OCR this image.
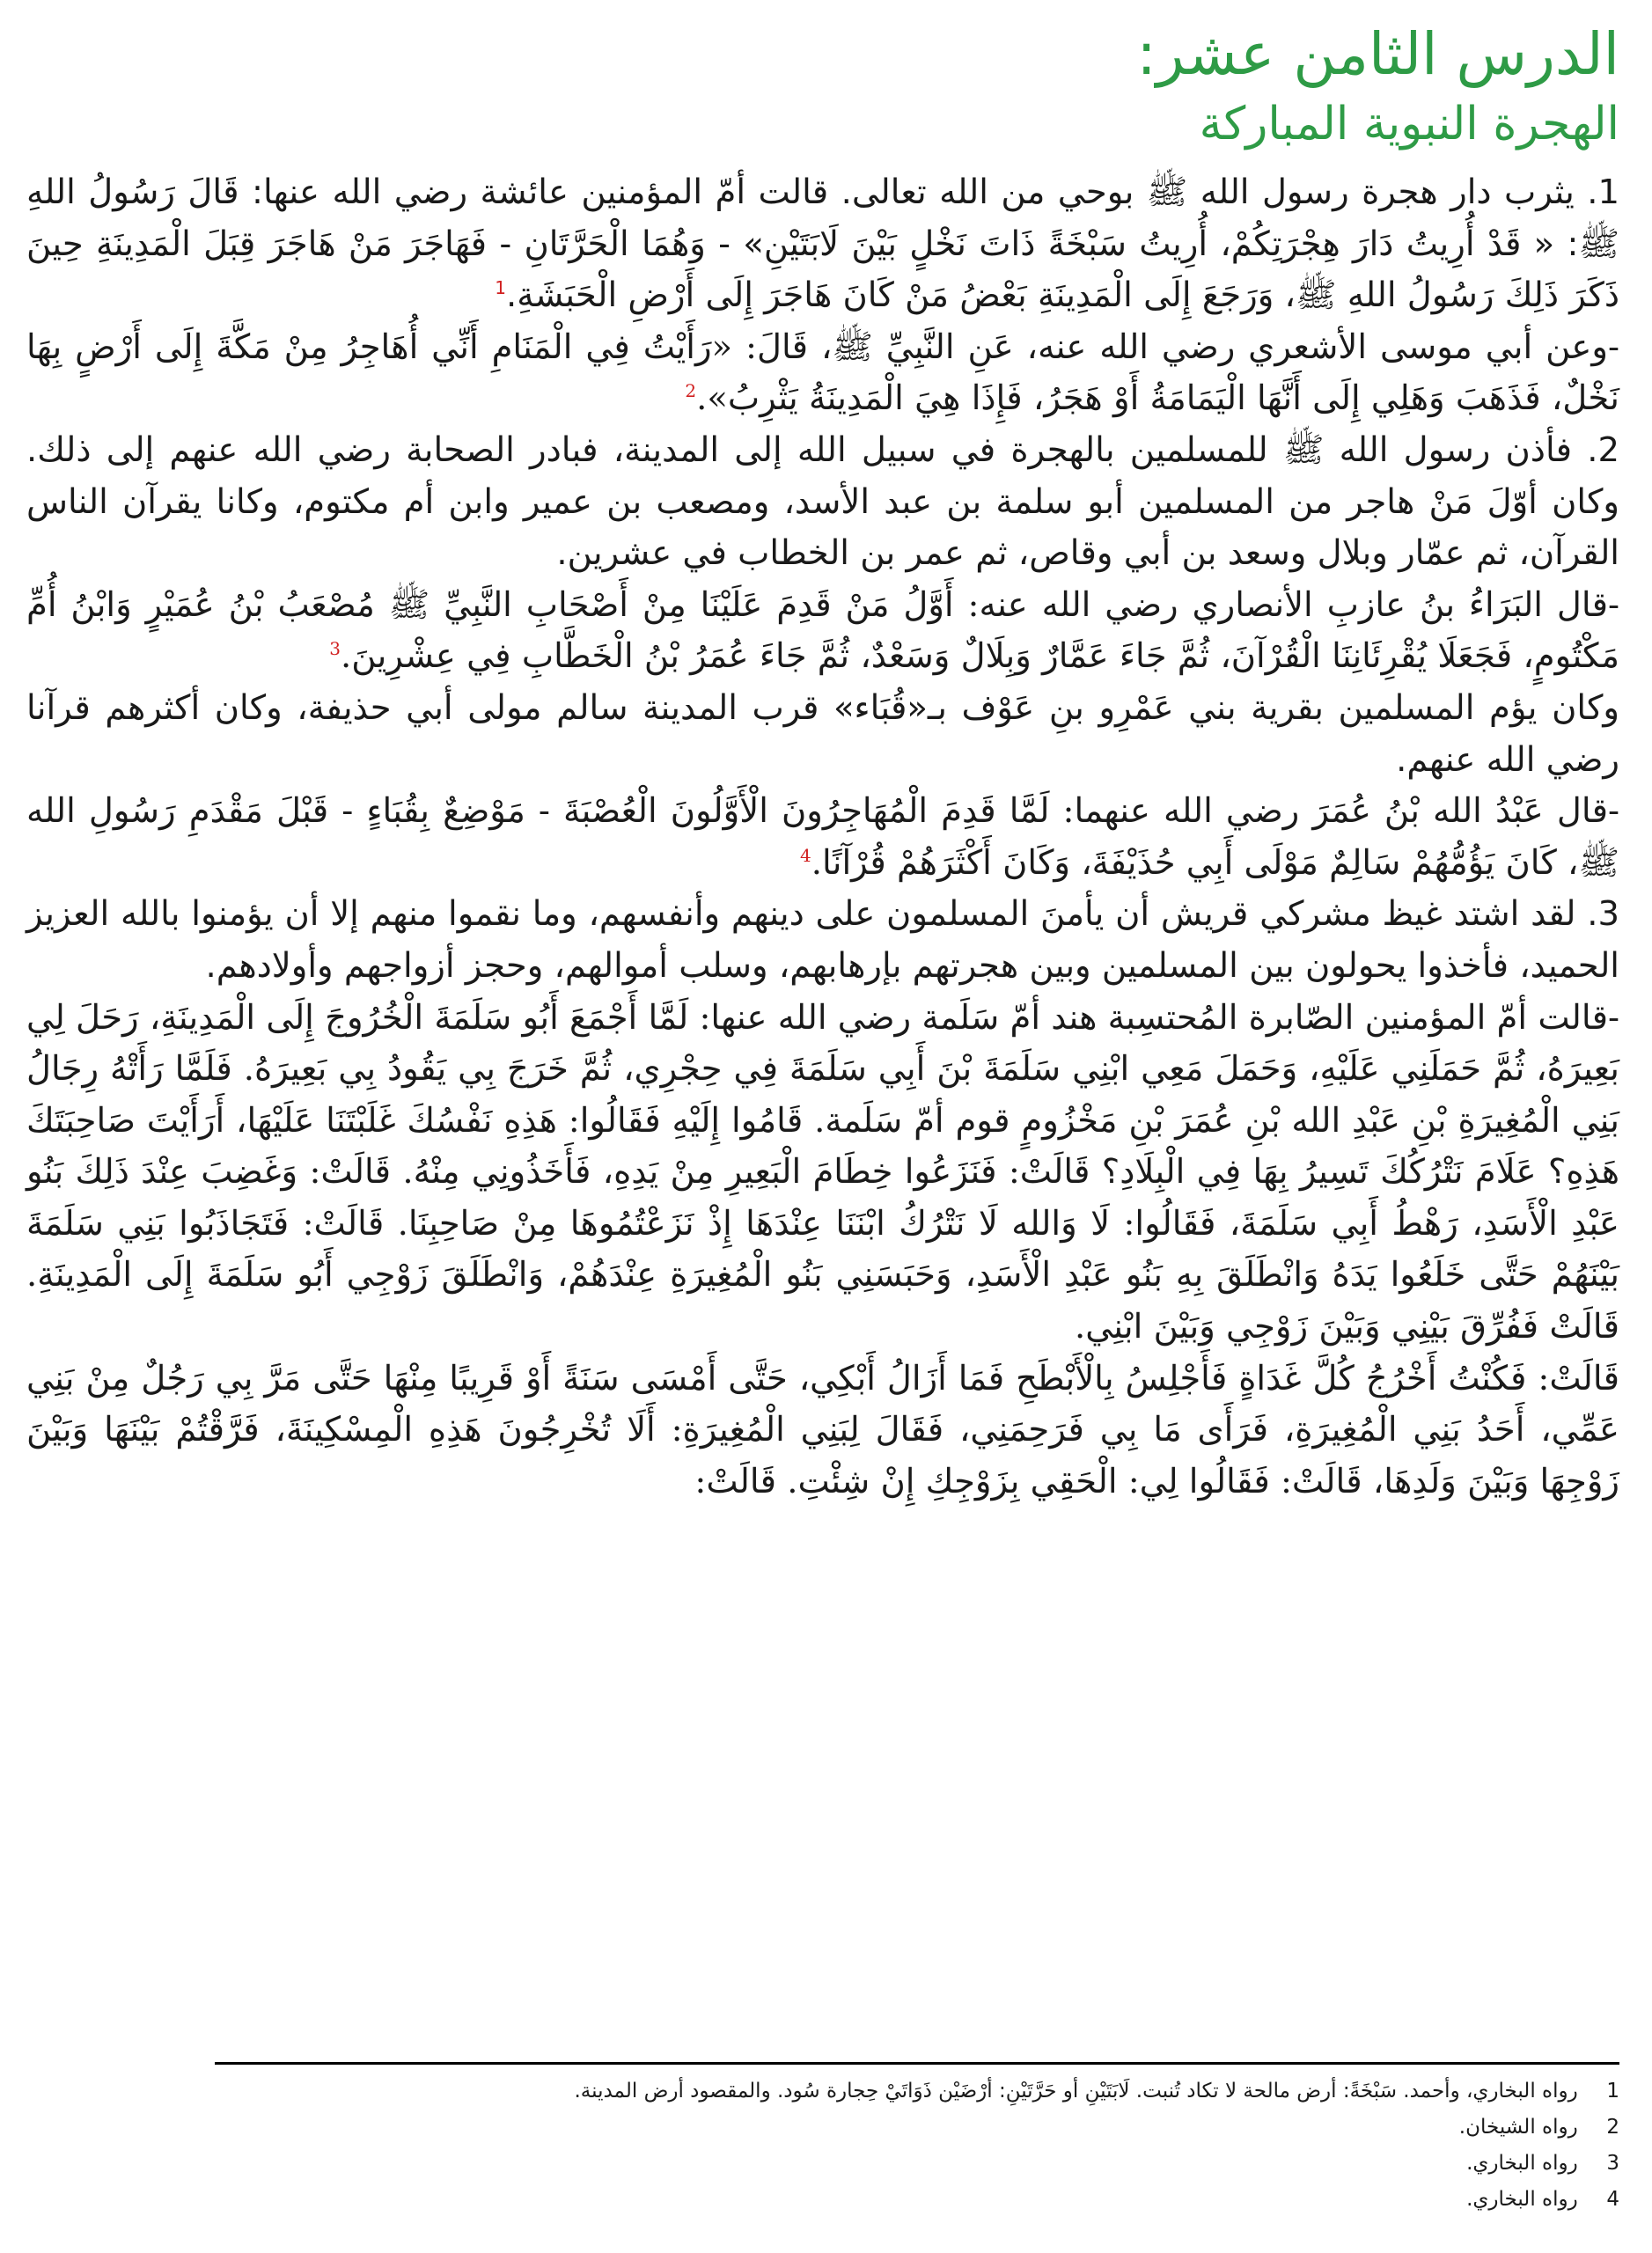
الدرس الثامن عشر:
الهجرة النبوية المباركة

1. يثرب دار هجرة رسول الله ﷺ بوحي من الله تعالى. قالت أمّ المؤمنين عائشة رضي الله عنها: قَالَ رَسُولُ اللهِ ﷺ: « قَدْ أُرِيتُ دَارَ هِجْرَتِكُمْ، أُرِيتُ سَبْخَةً ذَاتَ نَخْلٍ بَيْنَ لَابَتَيْنِ» - وَهُمَا الْحَرَّتَانِ - فَهَاجَرَ مَنْ هَاجَرَ قِبَلَ الْمَدِينَةِ حِينَ ذَكَرَ ذَلِكَ رَسُولُ اللهِ ﷺ، وَرَجَعَ إِلَى الْمَدِينَةِ بَعْضُ مَنْ كَانَ هَاجَرَ إِلَى أَرْضِ الْحَبَشَةِ.$^1$

-وعن أبي موسى الأشعري رضي الله عنه، عَنِ النَّبِيِّ ﷺ، قَالَ: «رَأَيْتُ فِي الْمَنَامِ أَنِّي أُهَاجِرُ مِنْ مَكَّةَ إِلَى أَرْضٍ بِهَا نَخْلٌ، فَذَهَبَ وَهَلِي إِلَى أَنَّهَا الْيَمَامَةُ أَوْ هَجَرُ، فَإِذَا هِيَ الْمَدِينَةُ يَثْرِبُ».$^2$

2. فأذن رسول الله ﷺ للمسلمين بالهجرة في سبيل الله إلى المدينة، فبادر الصحابة رضي الله عنهم إلى ذلك. وكان أوّلَ مَنْ هاجر من المسلمين أبو سلمة بن عبد الأسد، ومصعب بن عمير وابن أم مكتوم، وكانا يقرآن الناس القرآن، ثم عمّار وبلال وسعد بن أبي وقاص، ثم عمر بن الخطاب في عشرين.

-قال البَرَاءُ بنُ عازبِ الأنصاري رضي الله عنه: أَوَّلُ مَنْ قَدِمَ عَلَيْنَا مِنْ أَصْحَابِ النَّبِيِّ ﷺ مُصْعَبُ بْنُ عُمَيْرٍ وَابْنُ أُمِّ مَكْتُومٍ، فَجَعَلَا يُقْرِئَانِنَا الْقُرْآنَ، ثُمَّ جَاءَ عَمَّارٌ وَبِلَالٌ وَسَعْدٌ، ثُمَّ جَاءَ عُمَرُ بْنُ الْخَطَّابِ فِي عِشْرِينَ.$^3$

وكان يؤم المسلمين بقرية بني عَمْرِو بنِ عَوْف بـ«قُبَاء» قرب المدينة سالم مولى أبي حذيفة، وكان أكثرهم قرآنا رضي الله عنهم.

-قال عَبْدُ الله بْنُ عُمَرَ رضي الله عنهما: لَمَّا قَدِمَ الْمُهَاجِرُونَ الْأَوَّلُونَ الْعُصْبَةَ - مَوْضِعٌ بِقُبَاءٍ - قَبْلَ مَقْدَمِ رَسُولِ الله ﷺ، كَانَ يَؤُمُّهُمْ سَالِمٌ مَوْلَى أَبِي حُذَيْفَةَ، وَكَانَ أَكْثَرَهُمْ قُرْآنًا.$^4$

3. لقد اشتد غيظ مشركي قريش أن يأمنَ المسلمون على دينهم وأنفسهم، وما نقموا منهم إلا أن يؤمنوا بالله العزيز الحميد، فأخذوا يحولون بين المسلمين وبين هجرتهم بإرهابهم، وسلب أموالهم، وحجز أزواجهم وأولادهم.

-قالت أمّ المؤمنين الصّابرة المُحتسِبة هند أمّ سَلَمة رضي الله عنها: لَمَّا أَجْمَعَ أَبُو سَلَمَةَ الْخُرُوجَ إِلَى الْمَدِينَةِ، رَحَلَ لِي بَعِيرَهُ، ثُمَّ حَمَلَنِي عَلَيْهِ، وَحَمَلَ مَعِي ابْنِي سَلَمَةَ بْنَ أَبِي سَلَمَةَ فِي حِجْرِي، ثُمَّ خَرَجَ بِي يَقُودُ بِي بَعِيرَهُ. فَلَمَّا رَأَتْهُ رِجَالُ بَنِي الْمُغِيرَةِ بْنِ عَبْدِ الله بْنِ عُمَرَ بْنِ مَخْزُومٍ قوم أمّ سَلَمة. قَامُوا إِلَيْهِ فَقَالُوا: هَذِهِ نَفْسُكَ غَلَبْتَنَا عَلَيْهَا، أَرَأَيْتَ صَاحِبَتَكَ هَذِهِ؟ عَلَامَ نَتْرُكُكَ تَسِيرُ بِهَا فِي الْبِلَادِ؟ قَالَتْ: فَنَزَعُوا خِطَامَ الْبَعِيرِ مِنْ يَدِهِ، فَأَخَذُونِي مِنْهُ. قَالَتْ: وَغَضِبَ عِنْدَ ذَلِكَ بَنُو عَبْدِ الْأَسَدِ، رَهْطُ أَبِي سَلَمَةَ، فَقَالُوا: لَا وَالله لَا نَتْرُكُ ابْنَنَا عِنْدَهَا إِذْ نَزَعْتُمُوهَا مِنْ صَاحِبِنَا. قَالَتْ: فَتَجَاذَبُوا بَنِي سَلَمَةَ بَيْنَهُمْ حَتَّى خَلَعُوا يَدَهُ وَانْطَلَقَ بِهِ بَنُو عَبْدِ الْأَسَدِ، وَحَبَسَنِي بَنُو الْمُغِيرَةِ عِنْدَهُمْ، وَانْطَلَقَ زَوْجِي أَبُو سَلَمَةَ إِلَى الْمَدِينَةِ. قَالَتْ فَفُرِّقَ بَيْنِي وَبَيْنَ زَوْجِي وَبَيْنَ ابْنِي.

قَالَتْ: فَكُنْتُ أَخْرُجُ كُلَّ غَدَاةٍ فَأَجْلِسُ بِالْأَبْطَحِ فَمَا أَزَالُ أَبْكِي، حَتَّى أَمْسَى سَنَةً أَوْ قَرِيبًا مِنْهَا حَتَّى مَرَّ بِي رَجُلٌ مِنْ بَنِي عَمِّي، أَحَدُ بَنِي الْمُغِيرَةِ، فَرَأَى مَا بِي فَرَحِمَنِي، فَقَالَ لِبَنِي الْمُغِيرَةِ: أَلَا تُخْرِجُونَ هَذِهِ الْمِسْكِينَةَ، فَرَّقْتُمْ بَيْنَهَا وَبَيْنَ زَوْجِهَا وَبَيْنَ وَلَدِهَا، قَالَتْ: فَقَالُوا لِي: الْحَقِي بِزَوْجِكِ إِنْ شِئْتِ. قَالَتْ:

1 رواه البخاري، وأحمد. سَبْخَةً: أرض مالحة لا تكاد تُنبت. لَابَتَيْنِ أو حَرَّتَيْنِ: أرْضَيْن ذَوَاتَيْ حِجارة سُود. والمقصود أرض المدينة.

2 رواه الشيخان.

3 رواه البخاري.

4 رواه البخاري.
